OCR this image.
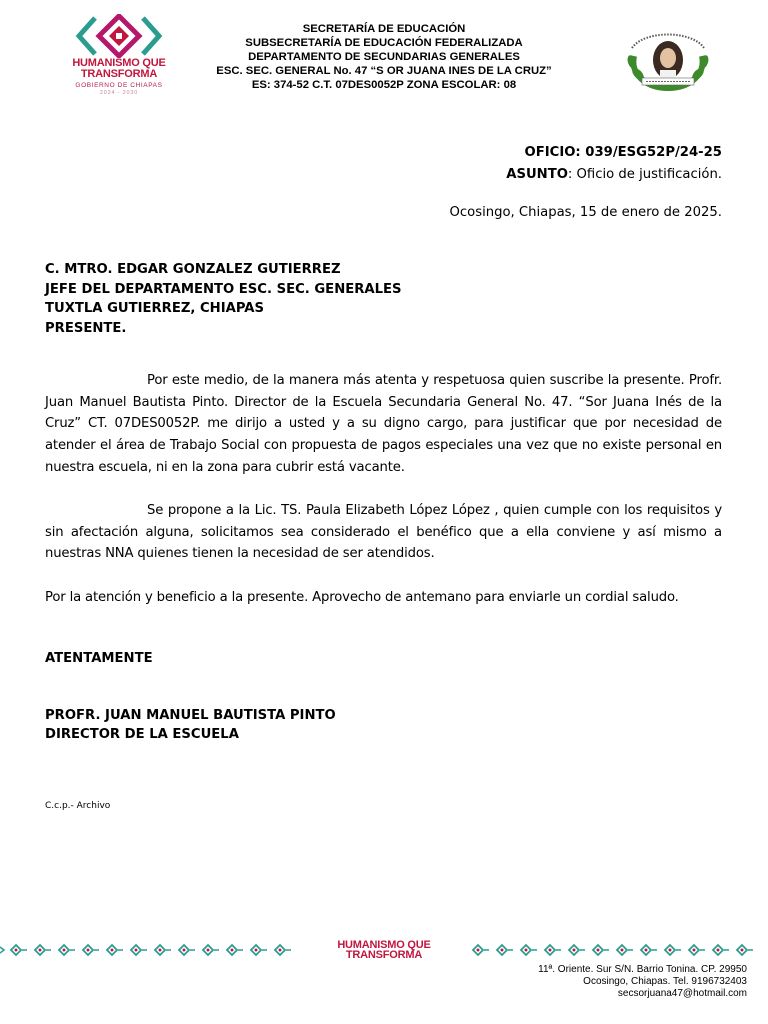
HUMANISMO QUE
TRANSFORMA
GOBIERNO DE CHIAPAS
2024 - 2030
SECRETARÍA DE EDUCACIÓN
SUBSECRETARÍA DE EDUCACIÓN FEDERALIZADA
DEPARTAMENTO DE SECUNDARIAS GENERALES
ESC. SEC. GENERAL No. 47 “S OR JUANA INES DE LA CRUZ”
ES: 374-52 C.T. 07DES0052P ZONA ESCOLAR: 08
OFICIO: 039/ESG52P/24-25
ASUNTO: Oficio de justificación.
Ocosingo, Chiapas, 15 de enero de 2025.
C. MTRO. EDGAR GONZALEZ GUTIERREZ
JEFE DEL DEPARTAMENTO ESC. SEC. GENERALES
TUXTLA GUTIERREZ, CHIAPAS
PRESENTE.
Por este medio, de la manera más atenta y respetuosa quien suscribe la presente. Profr. Juan Manuel Bautista Pinto. Director de la Escuela Secundaria General No. 47. “Sor Juana Inés de la Cruz” CT. 07DES0052P. me dirijo a usted y a su digno cargo, para justificar que por necesidad de atender el área de Trabajo Social con propuesta de pagos especiales una vez que no existe personal en nuestra escuela, ni en la zona para cubrir está vacante.
Se propone a la Lic. TS. Paula Elizabeth López López , quien cumple con los requisitos y sin afectación alguna, solicitamos sea considerado el benéfico que a ella conviene y así mismo a nuestras NNA quienes tienen la necesidad de ser atendidos.
Por la atención y beneficio a la presente. Aprovecho de antemano para enviarle un cordial saludo.
ATENTAMENTE
PROFR. JUAN MANUEL BAUTISTA PINTO
DIRECTOR DE LA ESCUELA
C.c.p.- Archivo
HUMANISMO QUE
TRANSFORMA
11ª. Oriente. Sur S/N. Barrio Tonina. CP. 29950
Ocosingo, Chiapas. Tel. 9196732403
secsorjuana47@hotmail.com
